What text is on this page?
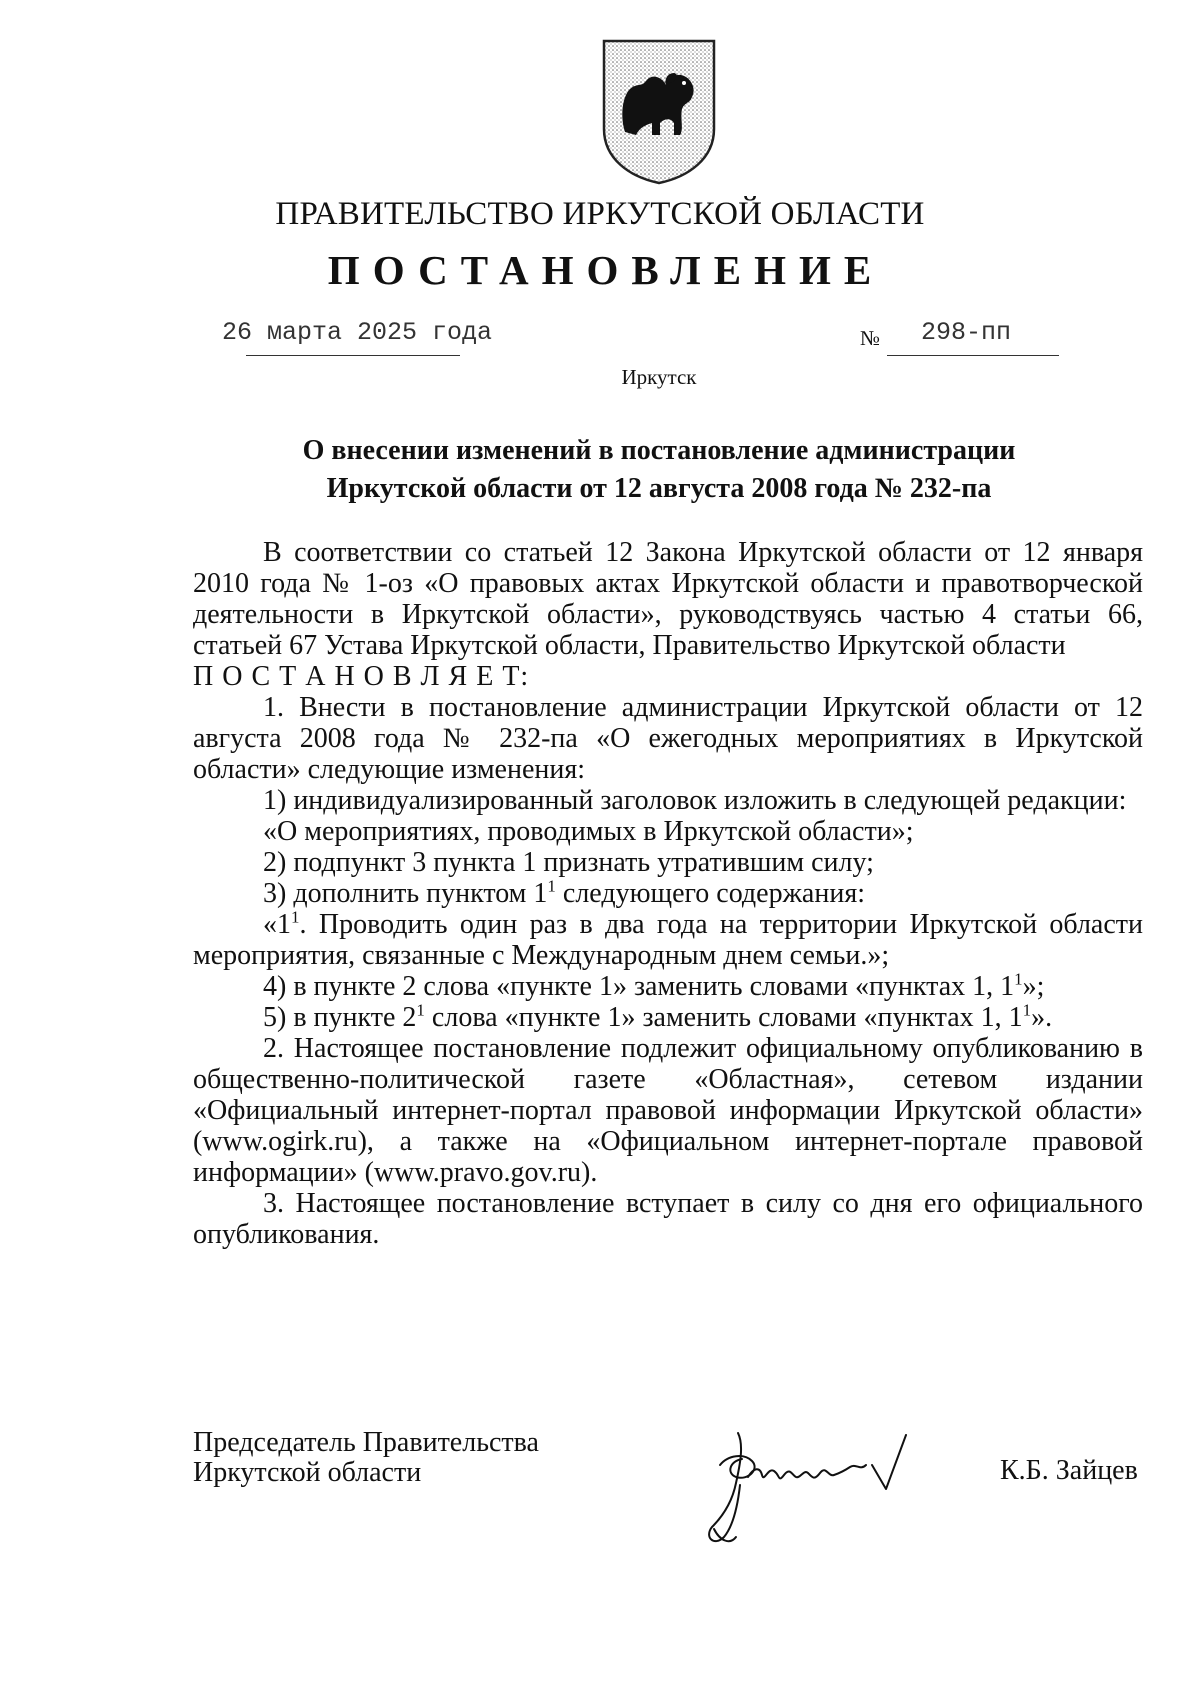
ПРАВИТЕЛЬСТВО ИРКУТСКОЙ ОБЛАСТИ
ПОСТАНОВЛЕНИЕ
26 марта 2025 года	№ 298-пп
Иркутск
О внесении изменений в постановление администрации
Иркутской области от 12 августа 2008 года № 232-па

В соответствии со статьей 12 Закона Иркутской области от 12 января 2010 года № 1-оз «О правовых актах Иркутской области и правотворческой деятельности в Иркутской области», руководствуясь частью 4 статьи 66, статьей 67 Устава Иркутской области, Правительство Иркутской области

П О С Т А Н О В Л Я Е Т:

1. Внести в постановление администрации Иркутской области от 12 августа 2008 года № 232-па «О ежегодных мероприятиях в Иркутской области» следующие изменения:

1) индивидуализированный заголовок изложить в следующей редакции:

«О мероприятиях, проводимых в Иркутской области»;

2) подпункт 3 пункта 1 признать утратившим силу;

3) дополнить пунктом $1^1$ следующего содержания:

«$1^1$. Проводить один раз в два года на территории Иркутской области мероприятия, связанные с Международным днем семьи.»;

4) в пункте 2 слова «пункте 1» заменить словами «пунктах 1, $1^1$»;

5) в пункте $2^1$ слова «пункте 1» заменить словами «пунктах 1, $1^1$».

2. Настоящее постановление подлежит официальному опубликованию в общественно-политической газете «Областная», сетевом издании «Официальный интернет-портал правовой информации Иркутской области» (www.ogirk.ru), а также на «Официальном интернет-портале правовой информации» (www.pravo.gov.ru).

3. Настоящее постановление вступает в силу со дня его официального опубликования.

Председатель Правительства
Иркутской области	К.Б. Зайцев
